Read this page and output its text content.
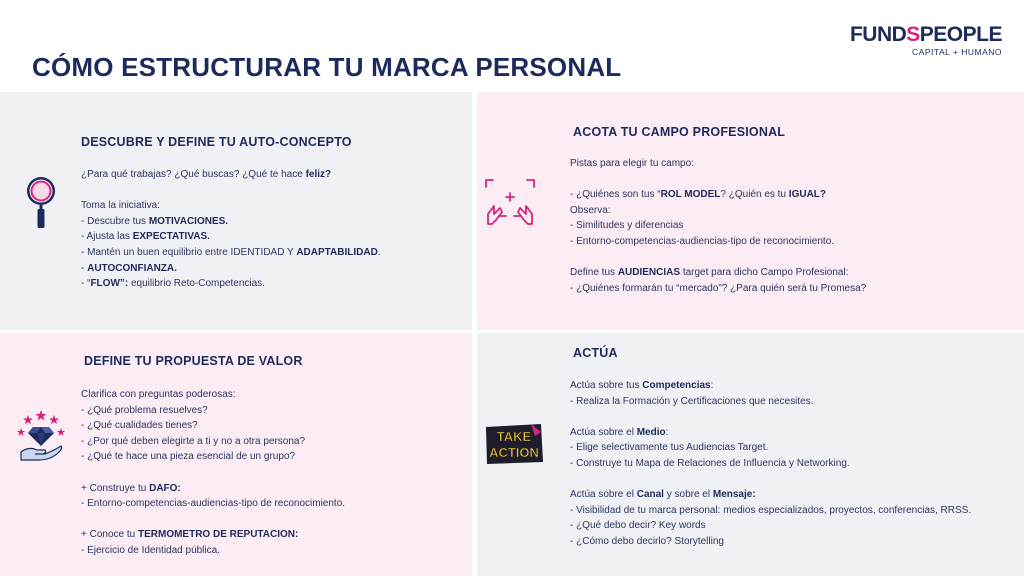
CÓMO ESTRUCTURAR TU MARCA PERSONAL
FUNDSPEOPLE
CAPITAL + HUMANO
DESCUBRE Y DEFINE TU AUTO-CONCEPTO

¿Para qué trabajas? ¿Qué buscas? ¿Qué te hace feliz?

Toma la iniciativa:

- Descubre tus MOTIVACIONES.

- Ajusta las EXPECTATIVAS.

- Mantén un buen equilibrio entre IDENTIDAD Y ADAPTABILIDAD.

- AUTOCONFIANZA.

- “FLOW”: equilibrio Reto-Competencias.

ACOTA TU CAMPO PROFESIONAL

Pistas para elegir tu campo:

- ¿Quiénes son tus “ROL MODEL? ¿Quién es tu IGUAL?

Observa:

- Similitudes y diferencias

- Entorno-competencias-audiencias-tipo de reconocimiento.

Define tus AUDIENCIAS target para dicho Campo Profesional:

- ¿Quiénes formarán tu “mercado”? ¿Para quién será tu Promesa?

DEFINE TU PROPUESTA DE VALOR

Clarifica con preguntas poderosas:

- ¿Qué problema resuelves?

- ¿Qué cualidades tienes?

- ¿Por qué deben elegirte a ti y no a otra persona?

- ¿Qué te hace una pieza esencial de un grupo?

+ Construye tu DAFO:

- Entorno-competencias-audiencias-tipo de reconocimiento.

+ Conoce tu TERMOMETRO DE REPUTACION:

- Ejercicio de Identidad pública.

ACTÚA
TAKE
ACTION

Actúa sobre tus Competencias:

- Realiza la Formación y Certificaciones que necesites.

Actúa sobre el Medio:

- Elige selectivamente tus Audiencias Target.

- Construye tu Mapa de Relaciones de Influencia y Networking.

Actúa sobre el Canal y sobre el Mensaje:

- Visibilidad de tu marca personal: medios especializados, proyectos, conferencias, RRSS.

- ¿Qué debo decir? Key words

- ¿Cómo debo decirlo? Storytelling
